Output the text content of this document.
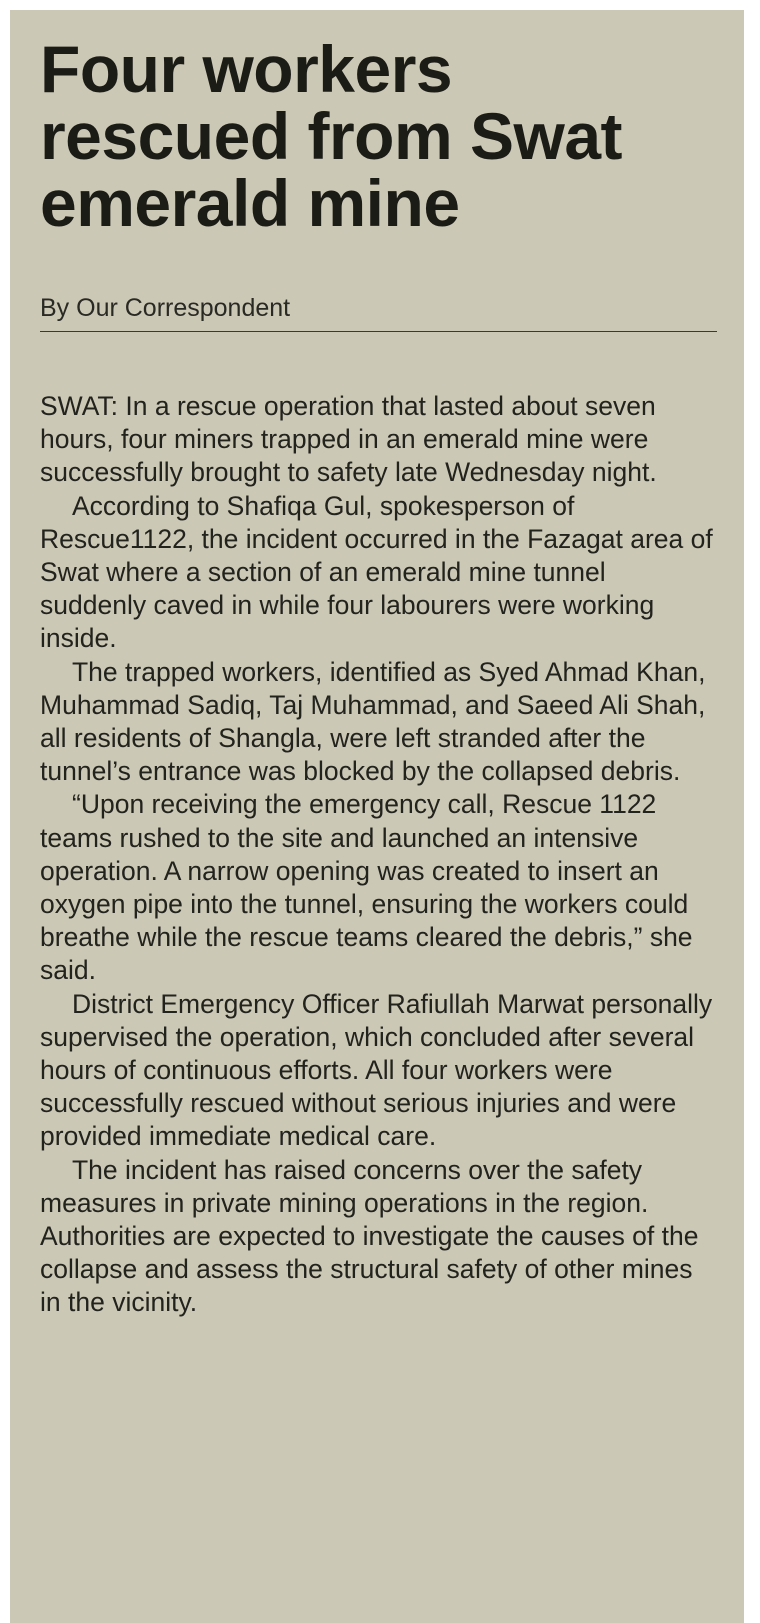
Four workers rescued from Swat emerald mine
By Our Correspondent

SWAT: In a rescue operation that lasted about seven hours, four miners trapped in an emerald mine were successfully brought to safety late Wednesday night.

According to Shafiqa Gul, spokesperson of Rescue1122, the incident occurred in the Fazagat area of Swat where a section of an emerald mine tunnel suddenly caved in while four labourers were working inside.

The trapped workers, identified as Syed Ahmad Khan, Muhammad Sadiq, Taj Muhammad, and Saeed Ali Shah, all residents of Shangla, were left stranded after the tunnel’s entrance was blocked by the collapsed debris.

“Upon receiving the emergency call, Rescue 1122 teams rushed to the site and launched an intensive operation. A narrow opening was created to insert an oxygen pipe into the tunnel, ensuring the workers could breathe while the rescue teams cleared the debris,” she said.

District Emergency Officer Rafiullah Marwat personally supervised the operation, which concluded after several hours of continuous efforts. All four workers were successfully rescued without serious injuries and were provided immediate medical care.

The incident has raised concerns over the safety measures in private mining operations in the region. Authorities are expected to investigate the causes of the collapse and assess the structural safety of other mines in the vicinity.
